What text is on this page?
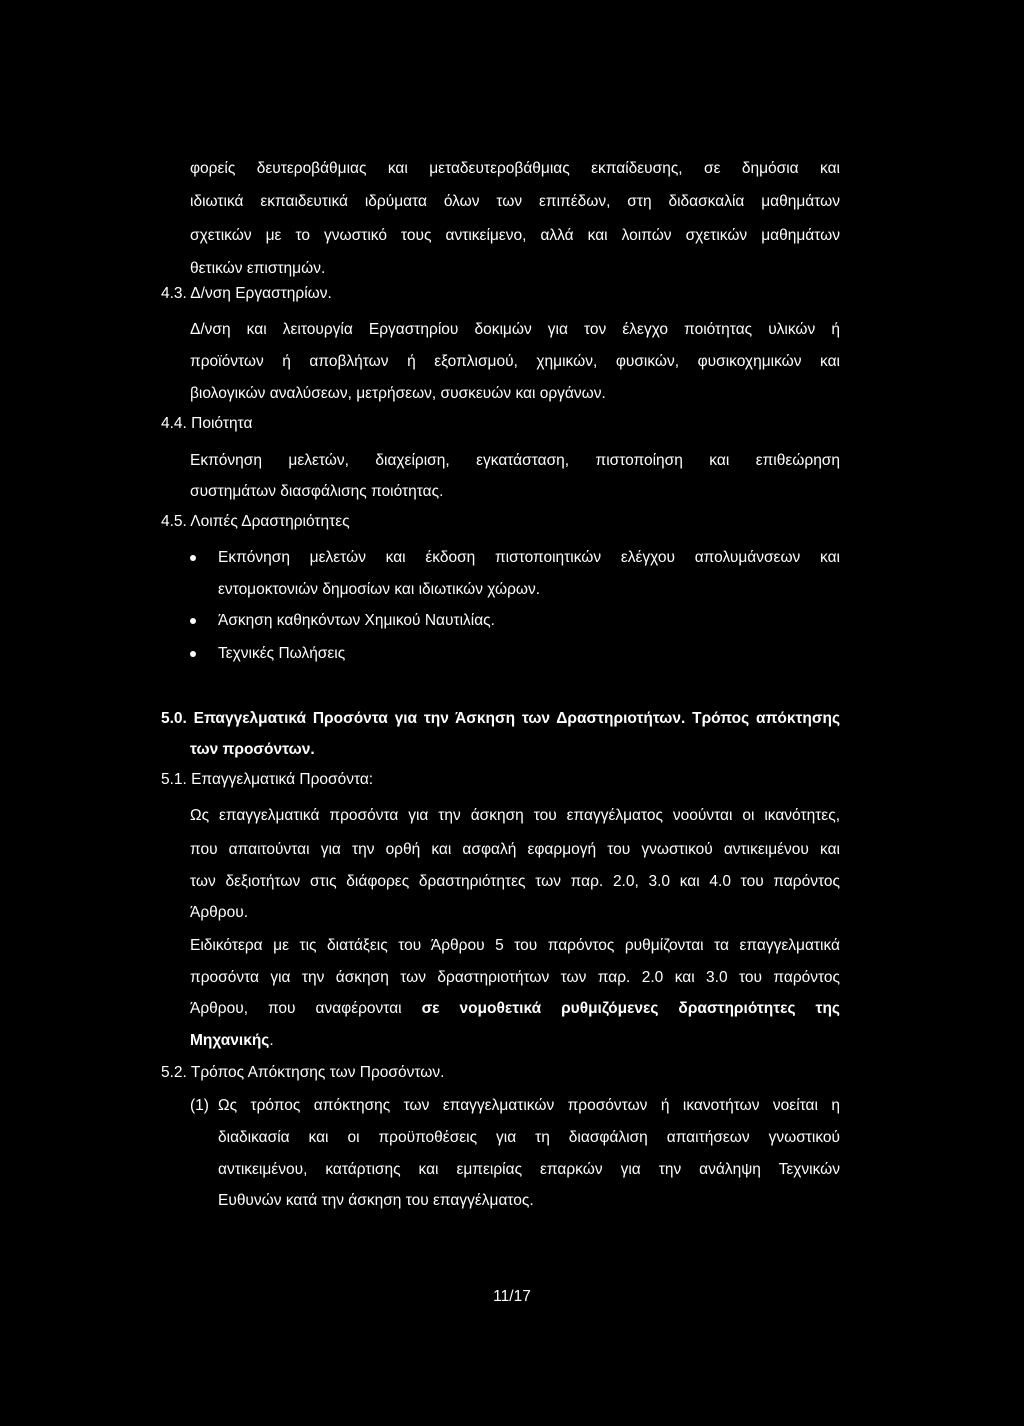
φορείς δευτεροβάθμιας και μεταδευτεροβάθμιας εκπαίδευσης, σε δημόσια και
ιδιωτικά εκπαιδευτικά ιδρύματα όλων των επιπέδων, στη διδασκαλία μαθημάτων
σχετικών με το γνωστικό τους αντικείμενο, αλλά και λοιπών σχετικών μαθημάτων
θετικών επιστημών.
4.3. Δ/νση Εργαστηρίων.
Δ/νση και λειτουργία Εργαστηρίου δοκιμών για τον έλεγχο ποιότητας υλικών ή
προϊόντων ή αποβλήτων ή εξοπλισμού, χημικών, φυσικών, φυσικοχημικών και
βιολογικών αναλύσεων, μετρήσεων, συσκευών και οργάνων.
4.4. Ποιότητα
Εκπόνηση μελετών, διαχείριση, εγκατάσταση, πιστοποίηση και επιθεώρηση
συστημάτων διασφάλισης ποιότητας.
4.5. Λοιπές Δραστηριότητες
Εκπόνηση μελετών και έκδοση πιστοποιητικών ελέγχου απολυμάνσεων και
εντομοκτονιών δημοσίων και ιδιωτικών χώρων.
Άσκηση καθηκόντων Χημικού Ναυτιλίας.
Τεχνικές Πωλήσεις
5.0. Επαγγελματικά Προσόντα για την Άσκηση των Δραστηριοτήτων. Τρόπος απόκτησης
των προσόντων.
5.1. Επαγγελματικά Προσόντα:
Ως επαγγελματικά προσόντα για την άσκηση του επαγγέλματος νοούνται οι ικανότητες,
που απαιτούνται για την ορθή και ασφαλή εφαρμογή του γνωστικού αντικειμένου και
των δεξιοτήτων στις διάφορες δραστηριότητες των παρ. 2.0, 3.0 και 4.0 του παρόντος
Άρθρου.
Ειδικότερα με τις διατάξεις του Άρθρου 5 του παρόντος ρυθμίζονται τα επαγγελματικά
προσόντα για την άσκηση των δραστηριοτήτων των παρ. 2.0 και 3.0 του παρόντος
Άρθρου, που αναφέρονται σε νομοθετικά ρυθμιζόμενες δραστηριότητες της
Μηχανικής.
5.2. Τρόπος Απόκτησης των Προσόντων.
(1) Ως τρόπος απόκτησης των επαγγελματικών προσόντων ή ικανοτήτων νοείται η
διαδικασία και οι προϋποθέσεις για τη διασφάλιση απαιτήσεων γνωστικού
αντικειμένου, κατάρτισης και εμπειρίας επαρκών για την ανάληψη Τεχνικών
Ευθυνών κατά την άσκηση του επαγγέλματος.
11/17
